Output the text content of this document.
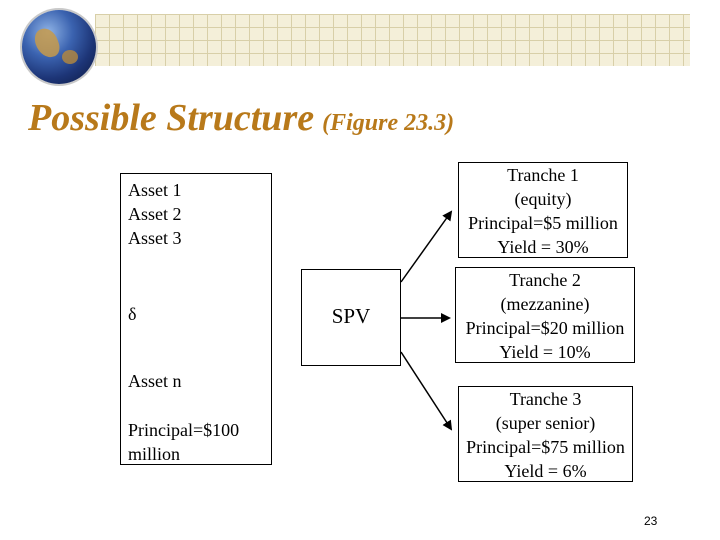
Possible Structure (Figure 23.3)
Asset 1
Asset 2
Asset 3
δ
Asset n
Principal=$100
million
SPV
Tranche 1
(equity)
Principal=$5 million
Yield = 30%
Tranche 2
(mezzanine)
Principal=$20 million
Yield = 10%
Tranche 3
(super senior)
Principal=$75 million
Yield = 6%
23
